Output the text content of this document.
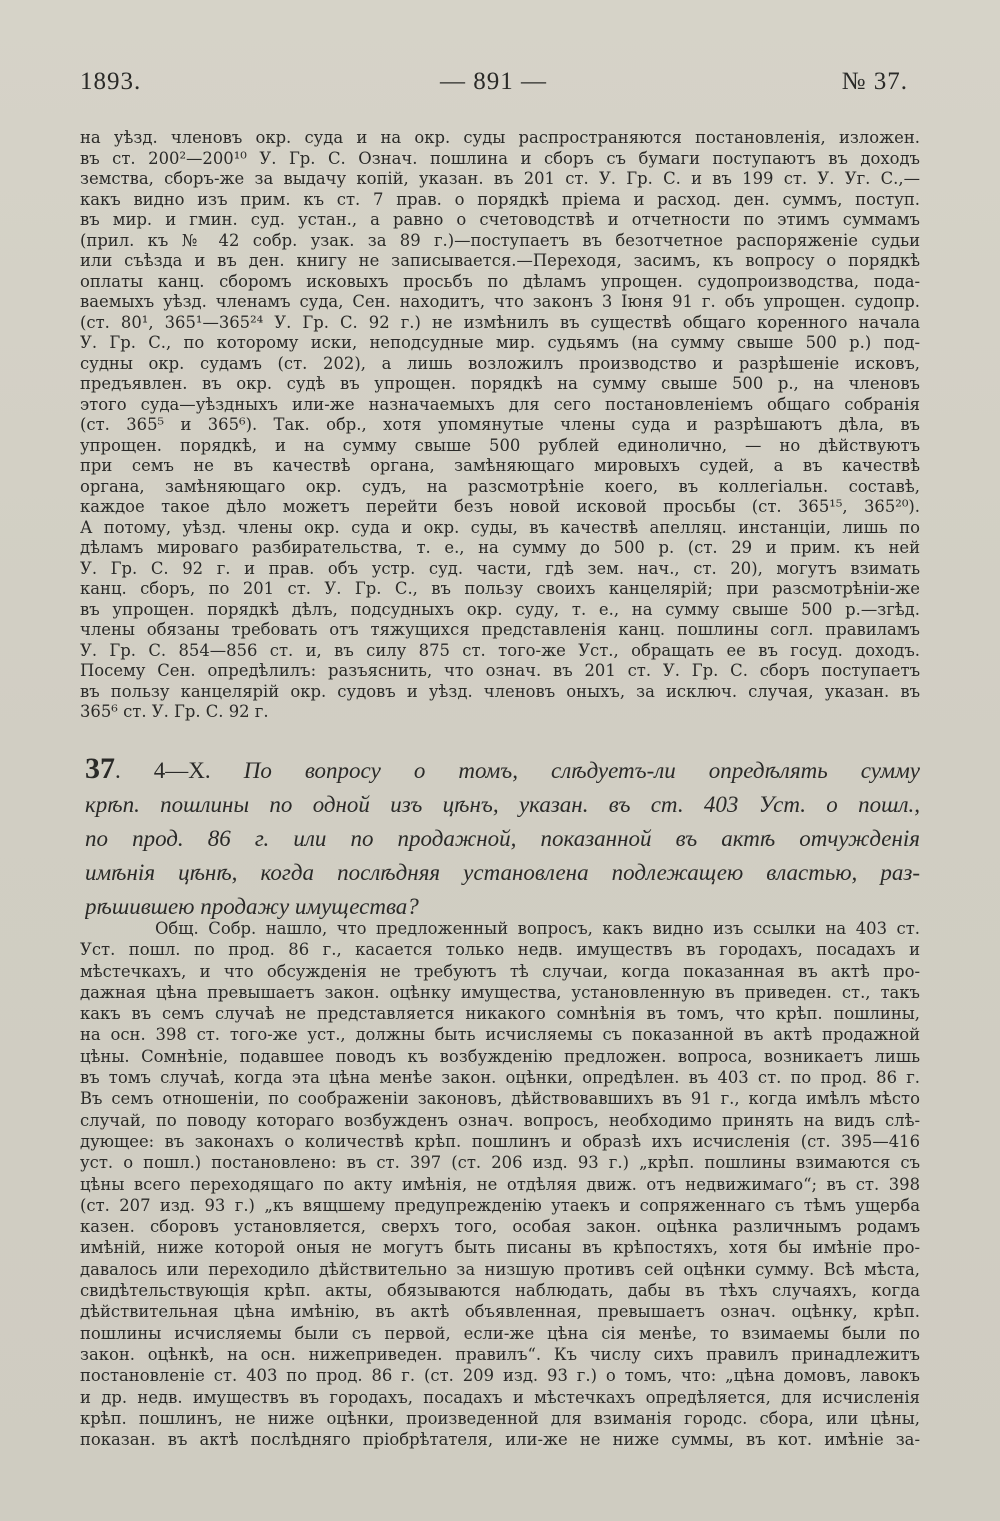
1893.	— 891 —	№ 37.
на уѣзд. членовъ окр. суда и на окр. суды распространяются постановленія, изложен.
въ ст. 200²—200¹⁰ У. Гр. С. Означ. пошлина и сборъ съ бумаги поступаютъ въ доходъ
земства, сборъ-же за выдачу копій, указан. въ 201 ст. У. Гр. С. и въ 199 ст. У. Уг. С.,—
какъ видно изъ прим. къ ст. 7 прав. о порядкѣ пріема и расход. ден. суммъ, поступ.
въ мир. и гмин. суд. устан., а равно о счетоводствѣ и отчетности по этимъ суммамъ
(прил. къ № 42 собр. узак. за 89 г.)—поступаетъ въ безотчетное распоряженіе судьи
или съѣзда и въ ден. книгу не записывается.—Переходя, засимъ, къ вопросу о порядкѣ
оплаты канц. сборомъ исковыхъ просьбъ по дѣламъ упрощен. судопроизводства, пода-
ваемыхъ уѣзд. членамъ суда, Сен. находитъ, что законъ 3 Іюня 91 г. объ упрощен. судопр.
(ст. 80¹, 365¹—365²⁴ У. Гр. С. 92 г.) не измѣнилъ въ существѣ общаго коренного начала
У. Гр. С., по которому иски, неподсудные мир. судьямъ (на сумму свыше 500 р.) под-
судны окр. судамъ (ст. 202), а лишь возложилъ производство и разрѣшеніе исковъ,
предъявлен. въ окр. судѣ въ упрощен. порядкѣ на сумму свыше 500 р., на членовъ
этого суда—уѣздныхъ или-же назначаемыхъ для сего постановленіемъ общаго собранія
(ст. 365⁵ и 365⁶). Так. обр., хотя упомянутые члены суда и разрѣшаютъ дѣла, въ
упрощен. порядкѣ, и на сумму свыше 500 рублей единолично, — но дѣйствуютъ
при семъ не въ качествѣ органа, замѣняющаго мировыхъ судей, а въ качествѣ
органа, замѣняющаго окр. судъ, на разсмотрѣніе коего, въ коллегіальн. составѣ,
каждое такое дѣло можетъ перейти безъ новой исковой просьбы (ст. 365¹⁵, 365²⁰).
А потому, уѣзд. члены окр. суда и окр. суды, въ качествѣ апелляц. инстанціи, лишь по
дѣламъ мироваго разбирательства, т. е., на сумму до 500 р. (ст. 29 и прим. къ ней
У. Гр. С. 92 г. и прав. объ устр. суд. части, гдѣ зем. нач., ст. 20), могутъ взимать
канц. сборъ, по 201 ст. У. Гр. С., въ пользу своихъ канцелярій; при разсмотрѣніи-же
въ упрощен. порядкѣ дѣлъ, подсудныхъ окр. суду, т. е., на сумму свыше 500 р.—згѣд.
члены обязаны требовать отъ тяжущихся представленія канц. пошлины согл. правиламъ
У. Гр. С. 854—856 ст. и, въ силу 875 ст. того-же Уст., обращать ее въ госуд. доходъ.
Посему Сен. опредѣлилъ: разъяснить, что означ. въ 201 ст. У. Гр. С. сборъ поступаетъ
въ пользу канцелярій окр. судовъ и уѣзд. членовъ оныхъ, за исключ. случая, указан. въ
365⁶ ст. У. Гр. С. 92 г.
37. 4—X. По вопросу о томъ, слѣдуетъ-ли опредѣлять сумму
крѣп. пошлины по одной изъ цѣнъ, указан. въ ст. 403 Уст. о пошл.,
по прод. 86 г. или по продажной, показанной въ актѣ отчужденія
имѣнія цѣнѣ, когда послѣдняя установлена подлежащею властью, раз-
рѣшившею продажу имущества?
Общ. Собр. нашло, что предложенный вопросъ, какъ видно изъ ссылки на 403 ст.
Уст. пошл. по прод. 86 г., касается только недв. имуществъ въ городахъ, посадахъ и
мѣстечкахъ, и что обсужденія не требуютъ тѣ случаи, когда показанная въ актѣ про-
дажная цѣна превышаетъ закон. оцѣнку имущества, установленную въ приведен. ст., такъ
какъ въ семъ случаѣ не представляется никакого сомнѣнія въ томъ, что крѣп. пошлины,
на осн. 398 ст. того-же уст., должны быть исчисляемы съ показанной въ актѣ продажной
цѣны. Сомнѣніе, подавшее поводъ къ возбужденію предложен. вопроса, возникаетъ лишь
въ томъ случаѣ, когда эта цѣна менѣе закон. оцѣнки, опредѣлен. въ 403 ст. по прод. 86 г.
Въ семъ отношеніи, по соображеніи законовъ, дѣйствовавшихъ въ 91 г., когда имѣлъ мѣсто
случай, по поводу котораго возбужденъ означ. вопросъ, необходимо принять на видъ слѣ-
дующее: въ законахъ о количествѣ крѣп. пошлинъ и образѣ ихъ исчисленія (ст. 395—416
уст. о пошл.) постановлено: въ ст. 397 (ст. 206 изд. 93 г.) „крѣп. пошлины взимаются съ
цѣны всего переходящаго по акту имѣнія, не отдѣляя движ. отъ недвижимаго“; въ ст. 398
(ст. 207 изд. 93 г.) „къ вящшему предупрежденію утаекъ и сопряженнаго съ тѣмъ ущерба
казен. сборовъ установляется, сверхъ того, особая закон. оцѣнка различнымъ родамъ
имѣній, ниже которой оныя не могутъ быть писаны въ крѣпостяхъ, хотя бы имѣніе про-
давалось или переходило дѣйствительно за низшую противъ сей оцѣнки сумму. Всѣ мѣста,
свидѣтельствующія крѣп. акты, обязываются наблюдать, дабы въ тѣхъ случаяхъ, когда
дѣйствительная цѣна имѣнію, въ актѣ объявленная, превышаетъ означ. оцѣнку, крѣп.
пошлины исчисляемы были съ первой, если-же цѣна сія менѣе, то взимаемы были по
закон. оцѣнкѣ, на осн. нижеприведен. правилъ“. Къ числу сихъ правилъ принадлежитъ
постановленіе ст. 403 по прод. 86 г. (ст. 209 изд. 93 г.) о томъ, что: „цѣна домовъ, лавокъ
и др. недв. имуществъ въ городахъ, посадахъ и мѣстечкахъ опредѣляется, для исчисленія
крѣп. пошлинъ, не ниже оцѣнки, произведенной для взиманія городс. сбора, или цѣны,
показан. въ актѣ послѣдняго пріобрѣтателя, или-же не ниже суммы, въ кот. имѣніе за-
